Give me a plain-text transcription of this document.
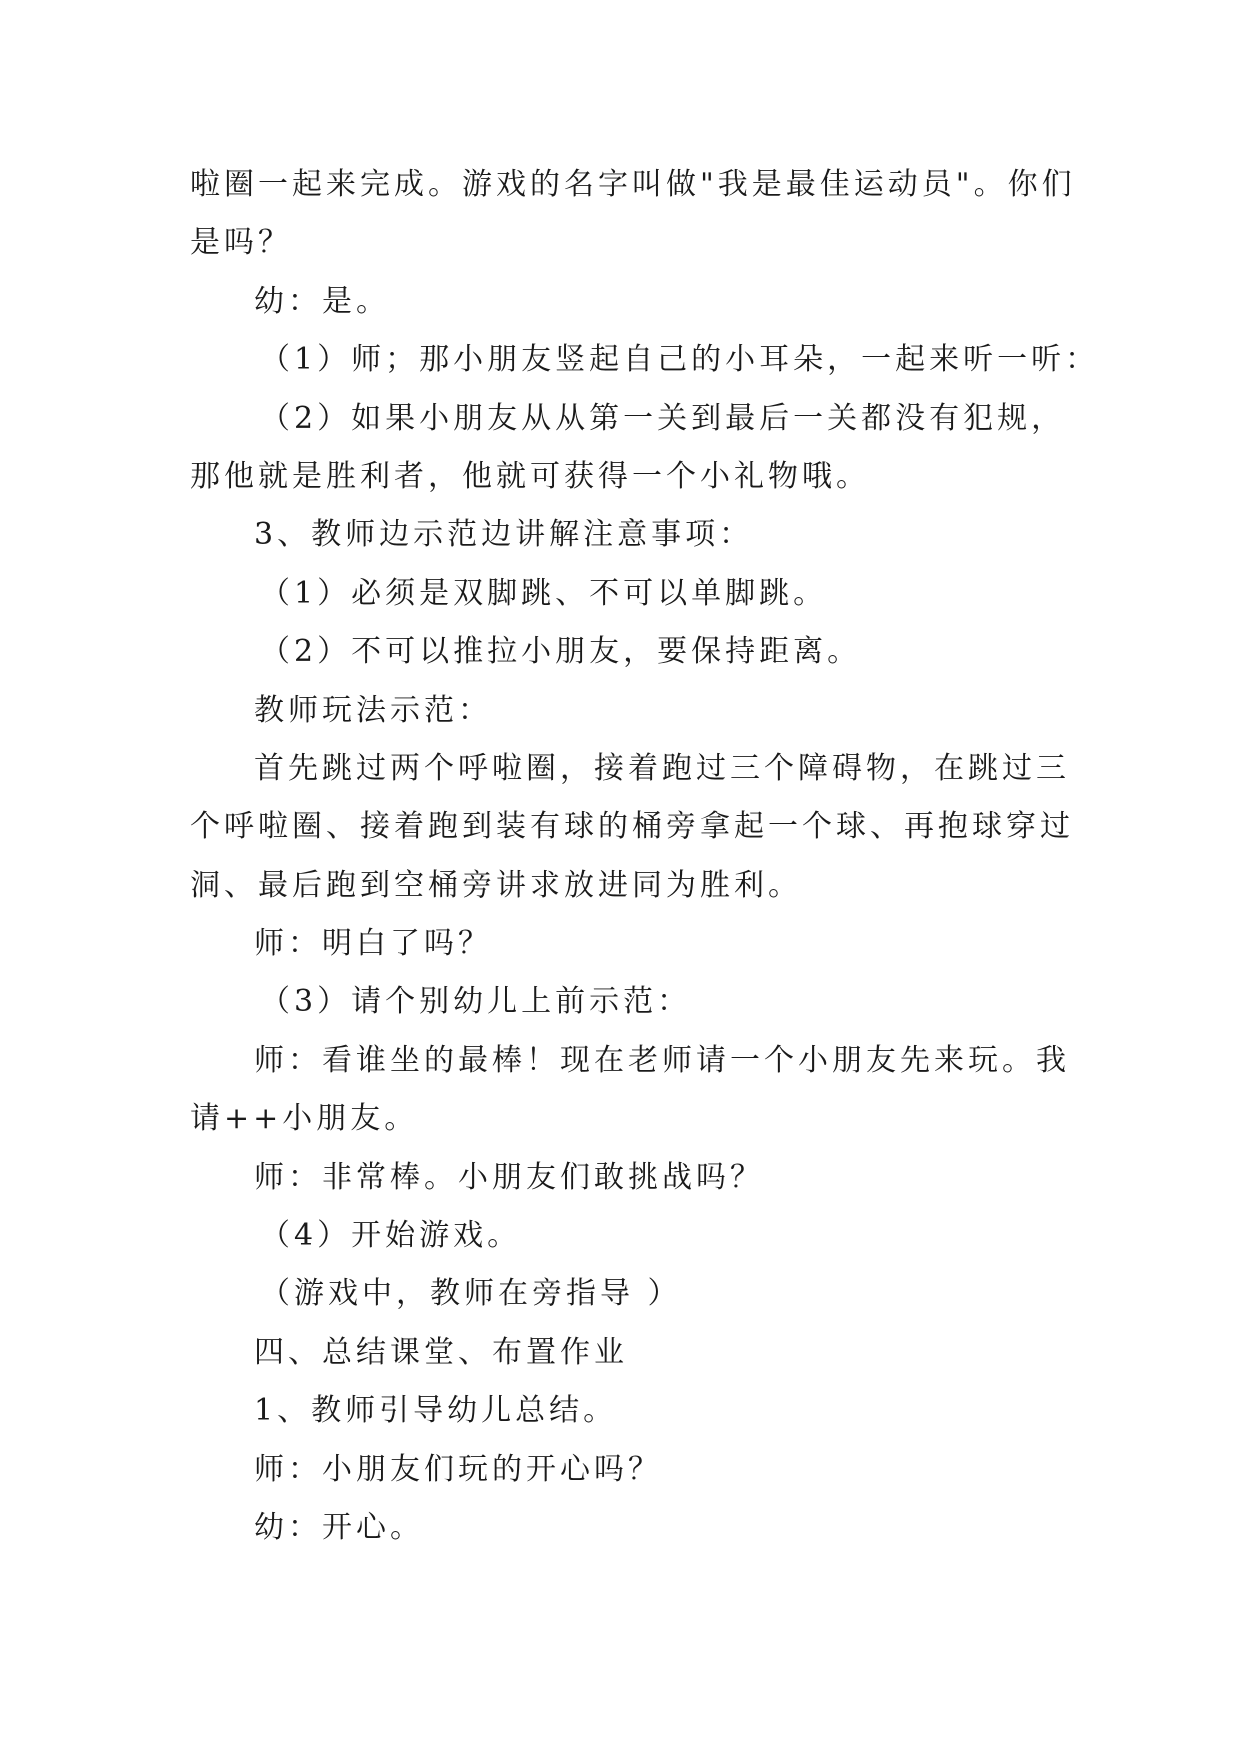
啦圈一起来完成。游戏的名字叫做"我是最佳运动员"。你们
是吗？
幼：是。
（1）师；那小朋友竖起自己的小耳朵，一起来听一听：
（2）如果小朋友从从第一关到最后一关都没有犯规，
那他就是胜利者，他就可获得一个小礼物哦。
3、教师边示范边讲解注意事项：
（1）必须是双脚跳、不可以单脚跳。
（2）不可以推拉小朋友，要保持距离。
教师玩法示范：
首先跳过两个呼啦圈，接着跑过三个障碍物，在跳过三
个呼啦圈、接着跑到装有球的桶旁拿起一个球、再抱球穿过
洞、最后跑到空桶旁讲求放进同为胜利。
师：明白了吗？
（3）请个别幼儿上前示范：
师：看谁坐的最棒！现在老师请一个小朋友先来玩。我
请++小朋友。
师：非常棒。小朋友们敢挑战吗？
（4）开始游戏。
（游戏中，教师在旁指导 ）
四、总结课堂、布置作业
1、教师引导幼儿总结。
师：小朋友们玩的开心吗？
幼：开心。
